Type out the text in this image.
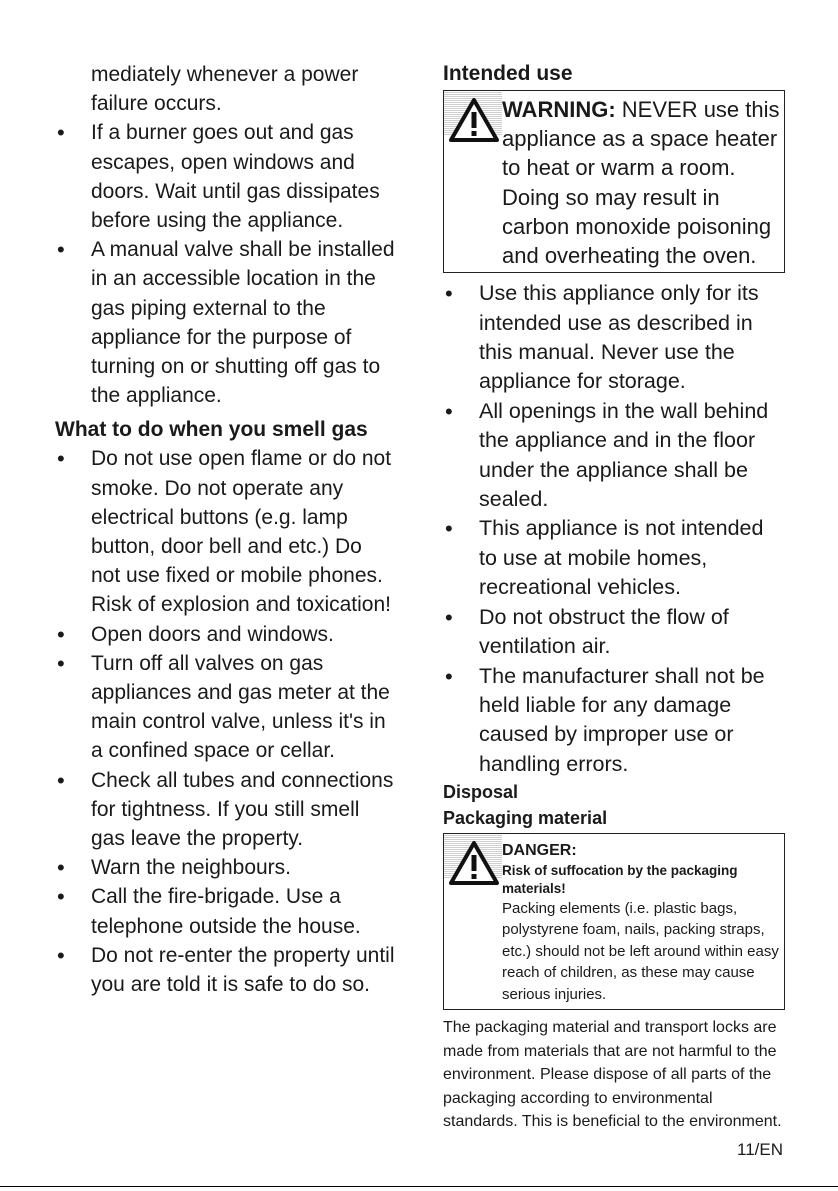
mediately whenever a power failure occurs.

• If a burner goes out and gas escapes, open windows and doors. Wait until gas dissipates before using the appliance.
• A manual valve shall be installed in an accessible location in the gas piping external to the appliance for the purpose of turning on or shutting off gas to the appliance.
What to do when you smell gas
• Do not use open flame or do not smoke. Do not operate any electrical buttons (e.g. lamp button, door bell and etc.) Do not use fixed or mobile phones. Risk of explosion and toxication!
• Open doors and windows.
• Turn off all valves on gas appliances and gas meter at the main control valve, unless it's in a confined space or cellar.
• Check all tubes and connections for tightness. If you still smell gas leave the property.
• Warn the neighbours.
• Call the fire-brigade. Use a telephone outside the house.
• Do not re-enter the property until you are told it is safe to do so.
Intended use
WARNING: NEVER use this appliance as a space heater to heat or warm a room. Doing so may result in carbon monoxide poisoning and overheating the oven.
• Use this appliance only for its intended use as described in this manual. Never use the appliance for storage.
• All openings in the wall behind the appliance and in the floor under the appliance shall be sealed.
• This appliance is not intended to use at mobile homes, recreational vehicles.
• Do not obstruct the flow of ventilation air.
• The manufacturer shall not be held liable for any damage caused by improper use or handling errors.
Disposal
Packaging material
DANGER:
Risk of suffocation by the packaging materials!
Packing elements (i.e. plastic bags, polystyrene foam, nails, packing straps, etc.) should not be left around within easy reach of children, as these may cause serious injuries.

The packaging material and transport locks are made from materials that are not harmful to the environment. Please dispose of all parts of the packaging according to environmental standards. This is beneficial to the environment.

11/EN
